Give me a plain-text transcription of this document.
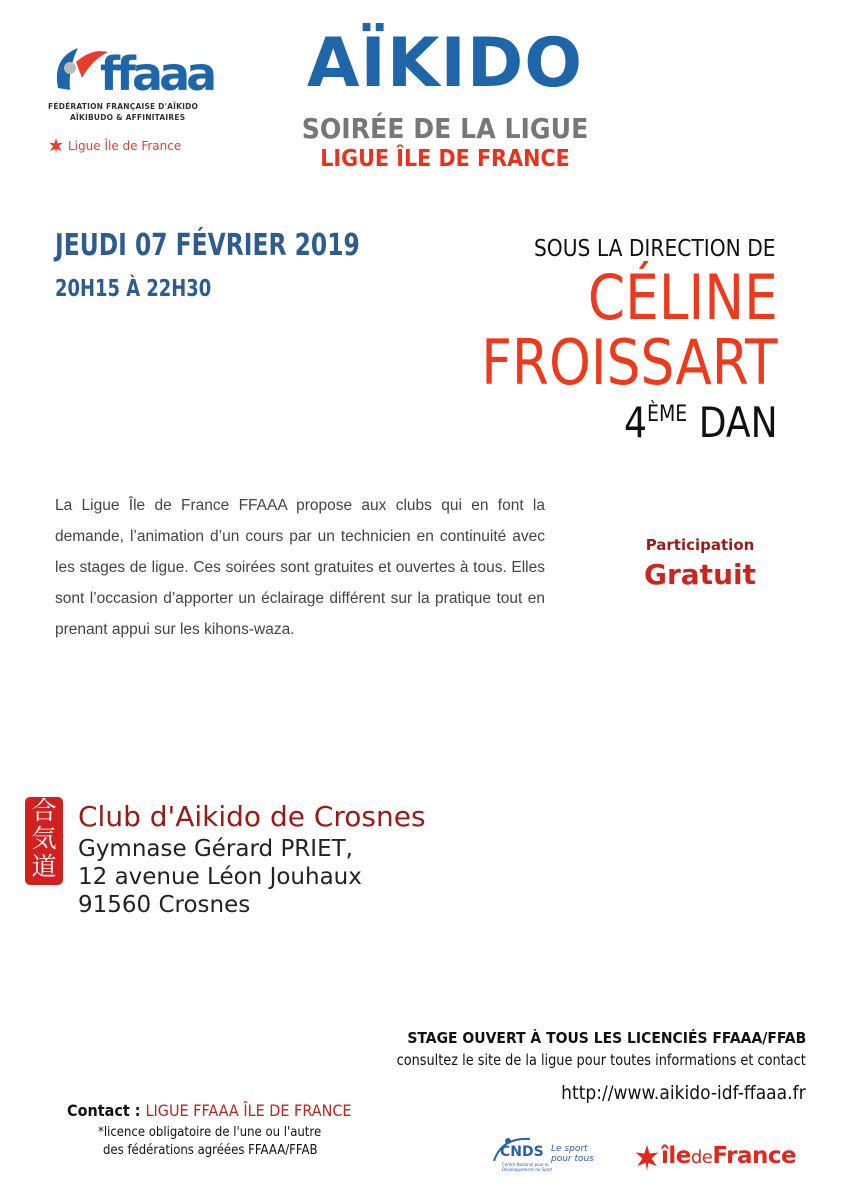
ffaaa
FÉDÉRATION FRANÇAISE D'AÏKIDO
AÏKIBUDO & AFFINITAIRES
Ligue Île de France
AÏKIDO
SOIRÉE DE LA LIGUE
LIGUE ÎLE DE FRANCE
JEUDI 07 FÉVRIER 2019
20H15 À 22H30
SOUS LA DIRECTION DE
CÉLINE
FROISSART
4ÈME DAN
La Ligue Île de France FFAAA propose aux clubs qui en font la demande, l’animation d’un cours par un technicien en continuité avec les stages de ligue. Ces soirées sont gratuites et ouvertes à tous. Elles sont l’occasion d’apporter un éclairage différent sur la pratique tout en prenant appui sur les kihons-waza.
Participation
Gratuit
合
気
道
Club d'Aikido de Crosnes
Gymnase Gérard PRIET,
12 avenue Léon Jouhaux
91560 Crosnes
STAGE OUVERT À TOUS LES LICENCIÉS FFAAA/FFAB
consultez le site de la ligue pour toutes informations et contact
http://www.aikido-idf-ffaaa.fr
Contact : LIGUE FFAAA ÎLE DE FRANCE
*licence obligatoire de l'une ou l'autre
des fédérations agréées FFAAA/FFAB	CNDS Le sport
pour tous
Centre National pour le Développement du Sport
îledeFrance
